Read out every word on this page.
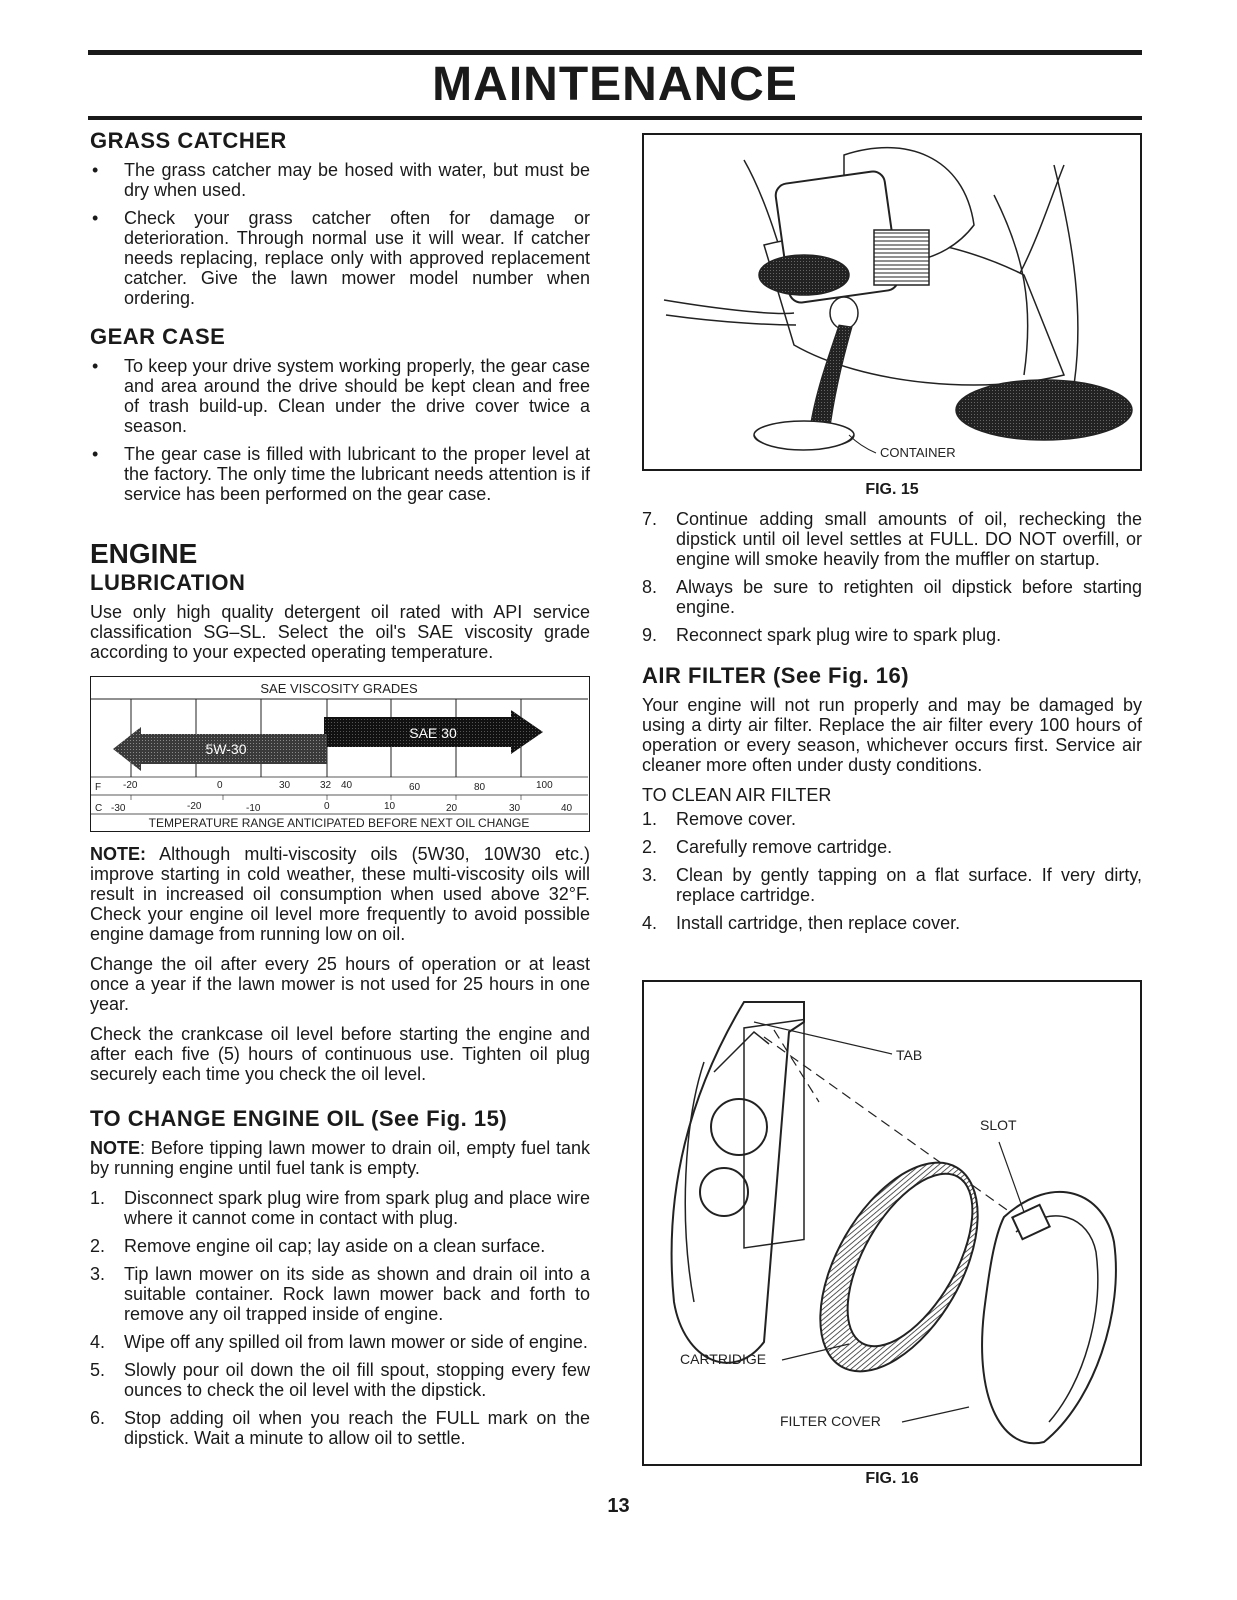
MAINTENANCE
GRASS CATCHER
• The grass catcher may be hosed with water, but must be dry when used.
• Check your grass catcher often for damage or deterioration. Through normal use it will wear. If catcher needs replacing, replace only with approved replacement catcher. Give the lawn mower model number when ordering.
GEAR CASE
• To keep your drive system working properly, the gear case and area around the drive should be kept clean and free of trash build-up. Clean under the drive cover twice a season.
• The gear case is filled with lubricant to the proper level at the factory. The only time the lubricant needs attention is if service has been performed on the gear case.
ENGINE
LUBRICATION

Use only high quality detergent oil rated with API service classification SG–SL. Select the oil's SAE viscosity grade according to your expected operating temperature.

SAE VISCOSITY GRADES
SAE 30
5W-30
F -20	0	30	32 40	60	80	100
C -30	-20	-10	0	10	20	30	40
TEMPERATURE RANGE ANTICIPATED BEFORE NEXT OIL CHANGE

NOTE: Although multi-viscosity oils (5W30, 10W30 etc.) improve starting in cold weather, these multi-viscosity oils will result in increased oil consumption when used above 32°F. Check your engine oil level more frequently to avoid possible engine damage from running low on oil.

Change the oil after every 25 hours of operation or at least once a year if the lawn mower is not used for 25 hours in one year.

Check the crankcase oil level before starting the engine and after each five (5) hours of continuous use. Tighten oil plug securely each time you check the oil level.

TO CHANGE ENGINE OIL (See Fig. 15)

NOTE: Before tipping lawn mower to drain oil, empty fuel tank by running engine until fuel tank is empty.

1. Disconnect spark plug wire from spark plug and place wire where it cannot come in contact with plug.
2. Remove engine oil cap; lay aside on a clean surface.
3. Tip lawn mower on its side as shown and drain oil into a suitable container. Rock lawn mower back and forth to remove any oil trapped inside of engine.
4. Wipe off any spilled oil from lawn mower or side of engine.
5. Slowly pour oil down the oil fill spout, stopping every few ounces to check the oil level with the dipstick.
6. Stop adding oil when you reach the FULL mark on the dipstick. Wait a minute to allow oil to settle.
CONTAINER
FIG. 15
7. Continue adding small amounts of oil, rechecking the dipstick until oil level settles at FULL. DO NOT overfill, or engine will smoke heavily from the muffler on startup.
8. Always be sure to retighten oil dipstick before starting engine.
9. Reconnect spark plug wire to spark plug.
AIR FILTER (See Fig. 16)

Your engine will not run properly and may be damaged by using a dirty air filter. Replace the air filter every 100 hours of operation or every season, whichever occurs first. Service air cleaner more often under dusty conditions.

TO CLEAN AIR FILTER

1. Remove cover.
2. Carefully remove cartridge.
3. Clean by gently tapping on a flat surface. If very dirty, replace cartridge.
4. Install cartridge, then replace cover.
TAB
CARTRIDIGE
SLOT
FILTER COVER
FIG. 16
13
